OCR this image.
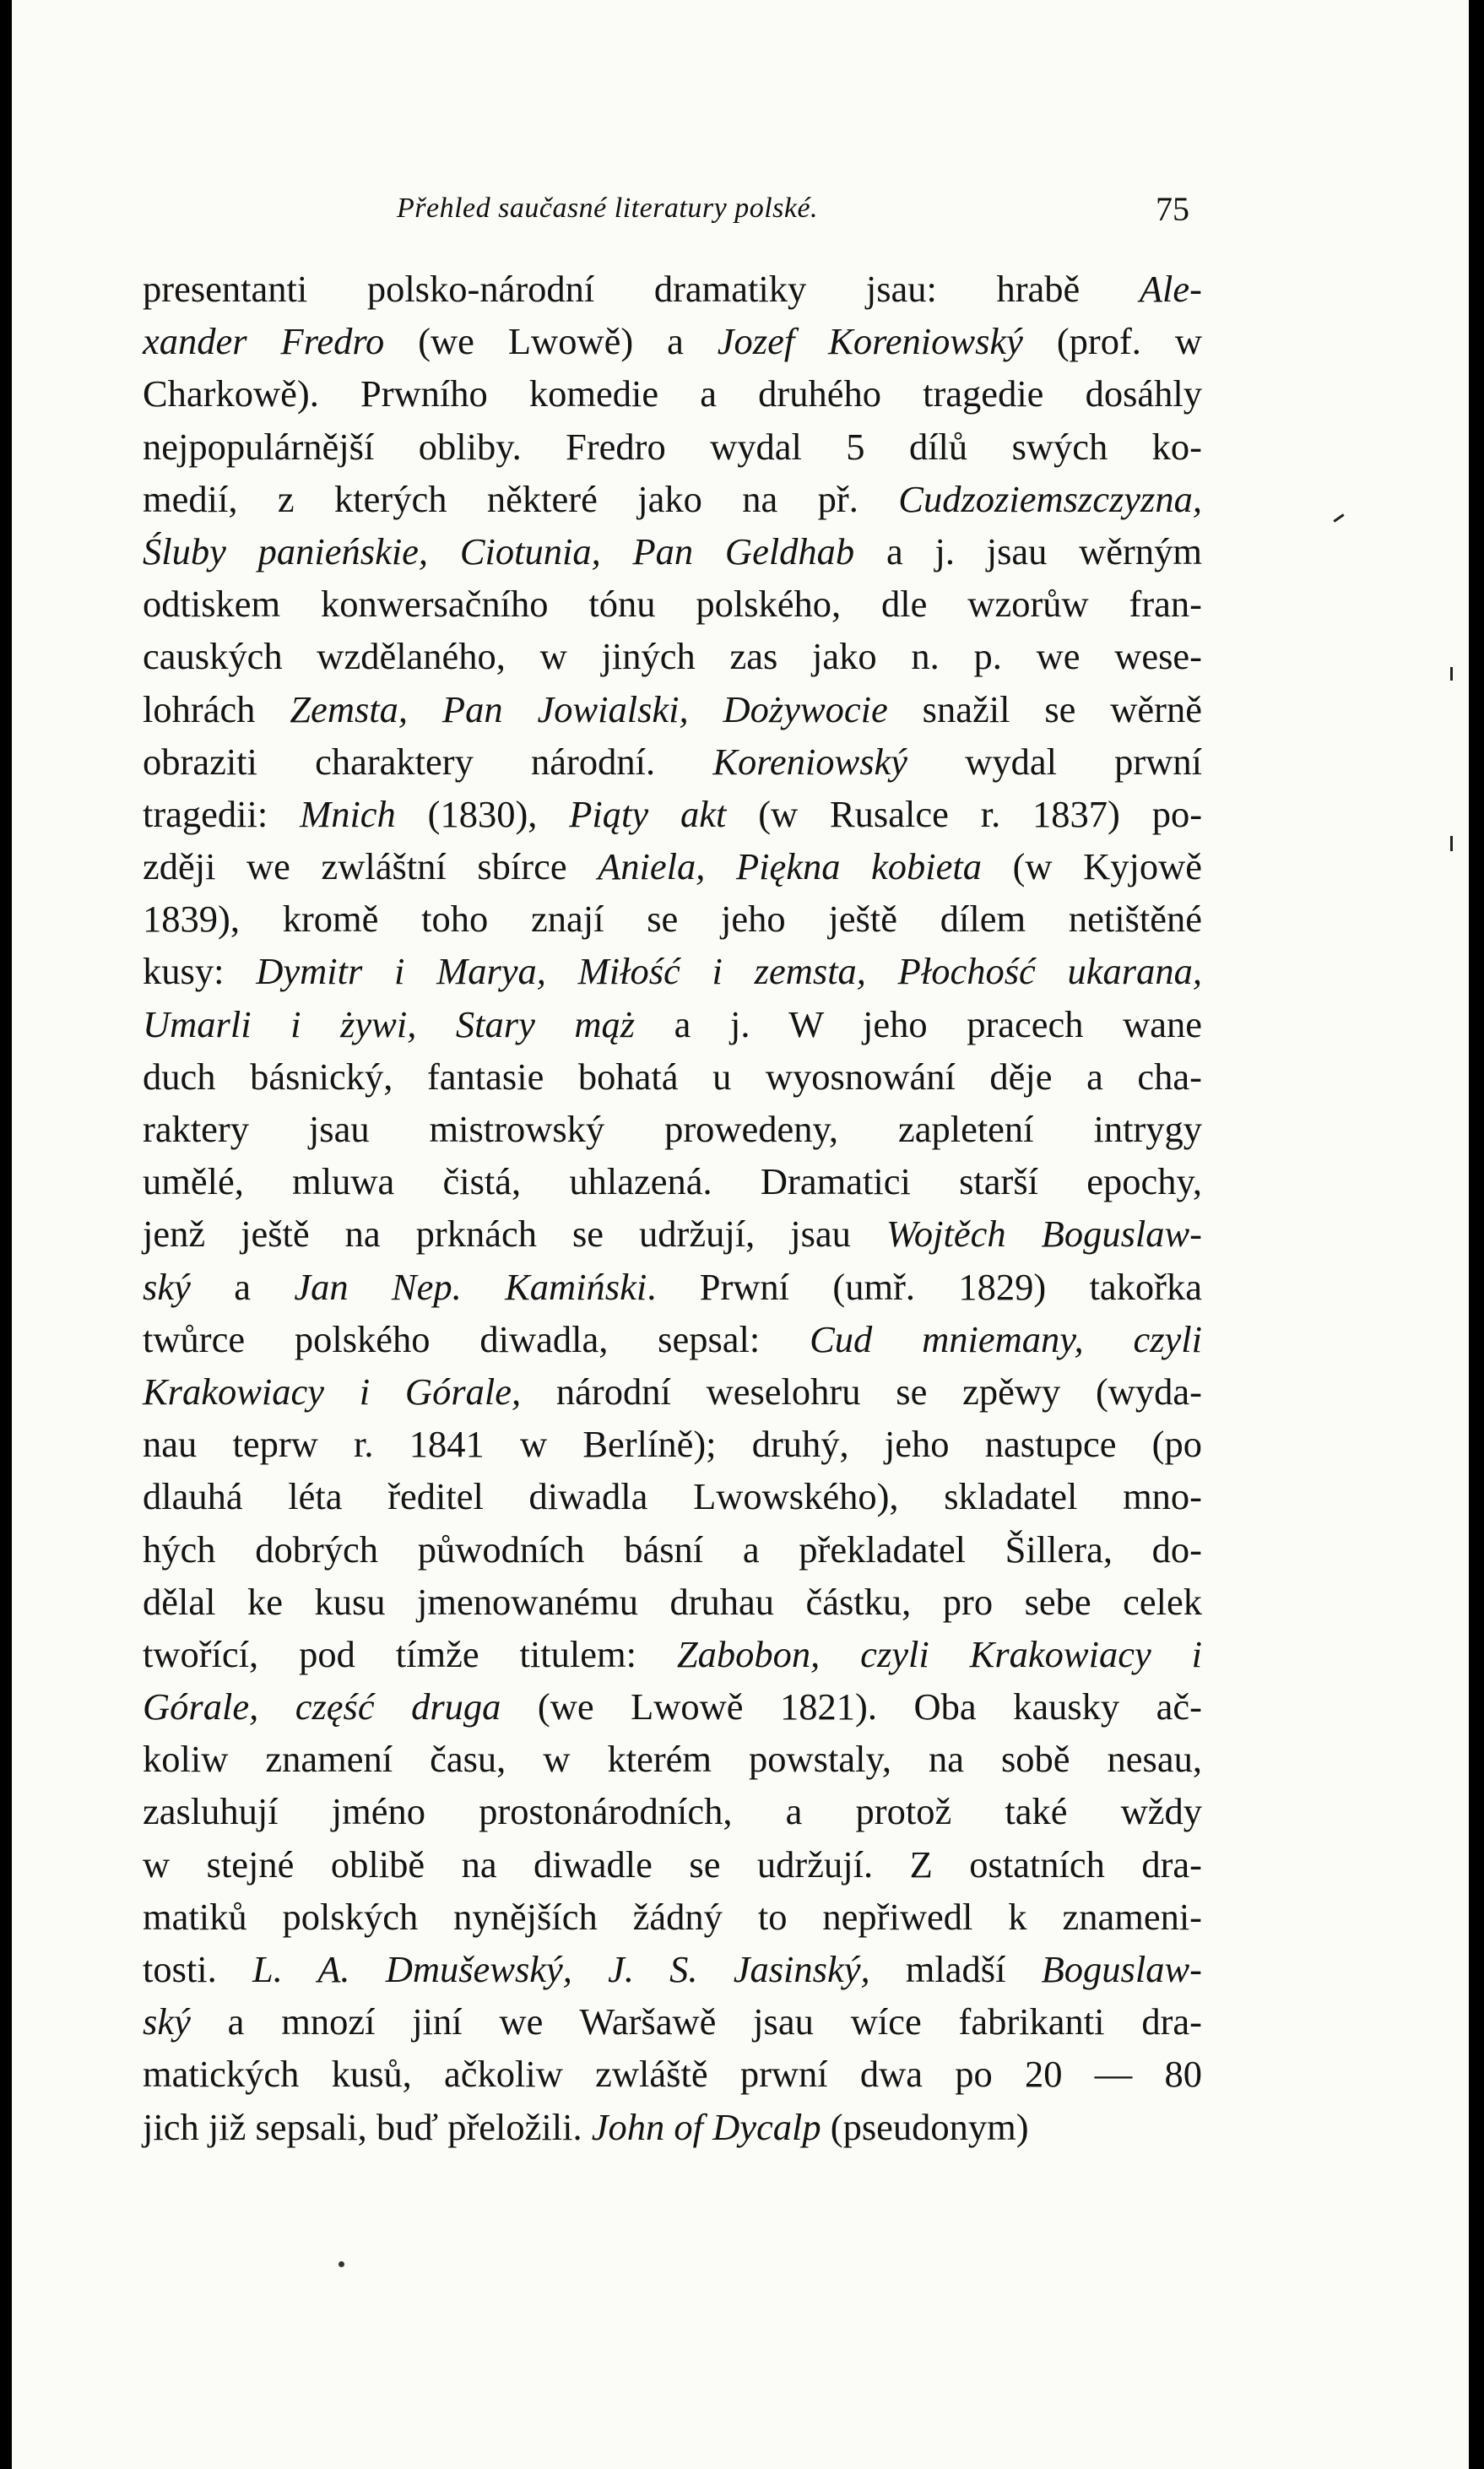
Přehled saučasné literatury polské.	75
presentanti polsko-národní dramatiky jsau: hrabě Ale-
xander Fredro (we Lwowě) a Jozef Koreniowský (prof. w
Charkowě). Prwního komedie a druhého tragedie dosáhly
nejpopulárnější obliby. Fredro wydal 5 dílů swých ko-
medií, z kterých některé jako na př. Cudzoziemszczyzna,
Śluby panieńskie, Ciotunia, Pan Geldhab a j. jsau wěrným
odtiskem konwersačního tónu polského, dle wzorůw fran-
cauských wzdělaného, w jiných zas jako n. p. we wese-
lohrách Zemsta, Pan Jowialski, Dożywocie snažil se wěrně
obraziti charaktery národní. Koreniowský wydal prwní
tragedii: Mnich (1830), Piąty akt (w Rusalce r. 1837) po-
zději we zwláštní sbírce Aniela, Piękna kobieta (w Kyjowě
1839), kromě toho znají se jeho ještě dílem netištěné
kusy: Dymitr i Marya, Miłość i zemsta, Płochość ukarana,
Umarli i żywi, Stary mąż a j. W jeho pracech wane
duch básnický, fantasie bohatá u wyosnowání děje a cha-
raktery jsau mistrowský prowedeny, zapletení intrygy
umělé, mluwa čistá, uhlazená. Dramatici starší epochy,
jenž ještě na prknách se udržují, jsau Wojtěch Boguslaw-
ský a Jan Nep. Kamiński. Prwní (umř. 1829) takořka
twůrce polského diwadla, sepsal: Cud mniemany, czyli
Krakowiacy i Górale, národní weselohru se zpěwy (wyda-
nau teprw r. 1841 w Berlíně); druhý, jeho nastupce (po
dlauhá léta ředitel diwadla Lwowského), skladatel mno-
hých dobrých půwodních básní a překladatel Šillera, do-
dělal ke kusu jmenowanému druhau částku, pro sebe celek
twořící, pod tímže titulem: Zabobon, czyli Krakowiacy i
Górale, część druga (we Lwowě 1821). Oba kausky ač-
koliw znamení času, w kterém powstaly, na sobě nesau,
zasluhují jméno prostonárodních, a protož také wždy
w stejné oblibě na diwadle se udržují. Z ostatních dra-
matiků polských nynějších žádný to nepřiwedl k znameni-
tosti. L. A. Dmušewský, J. S. Jasinský, mladší Boguslaw-
ský a mnozí jiní we Waršawě jsau wíce fabrikanti dra-
matických kusů, ačkoliw zwláště prwní dwa po 20 — 80
jich již sepsali, buď přeložili. John of Dycalp (pseudonym)
